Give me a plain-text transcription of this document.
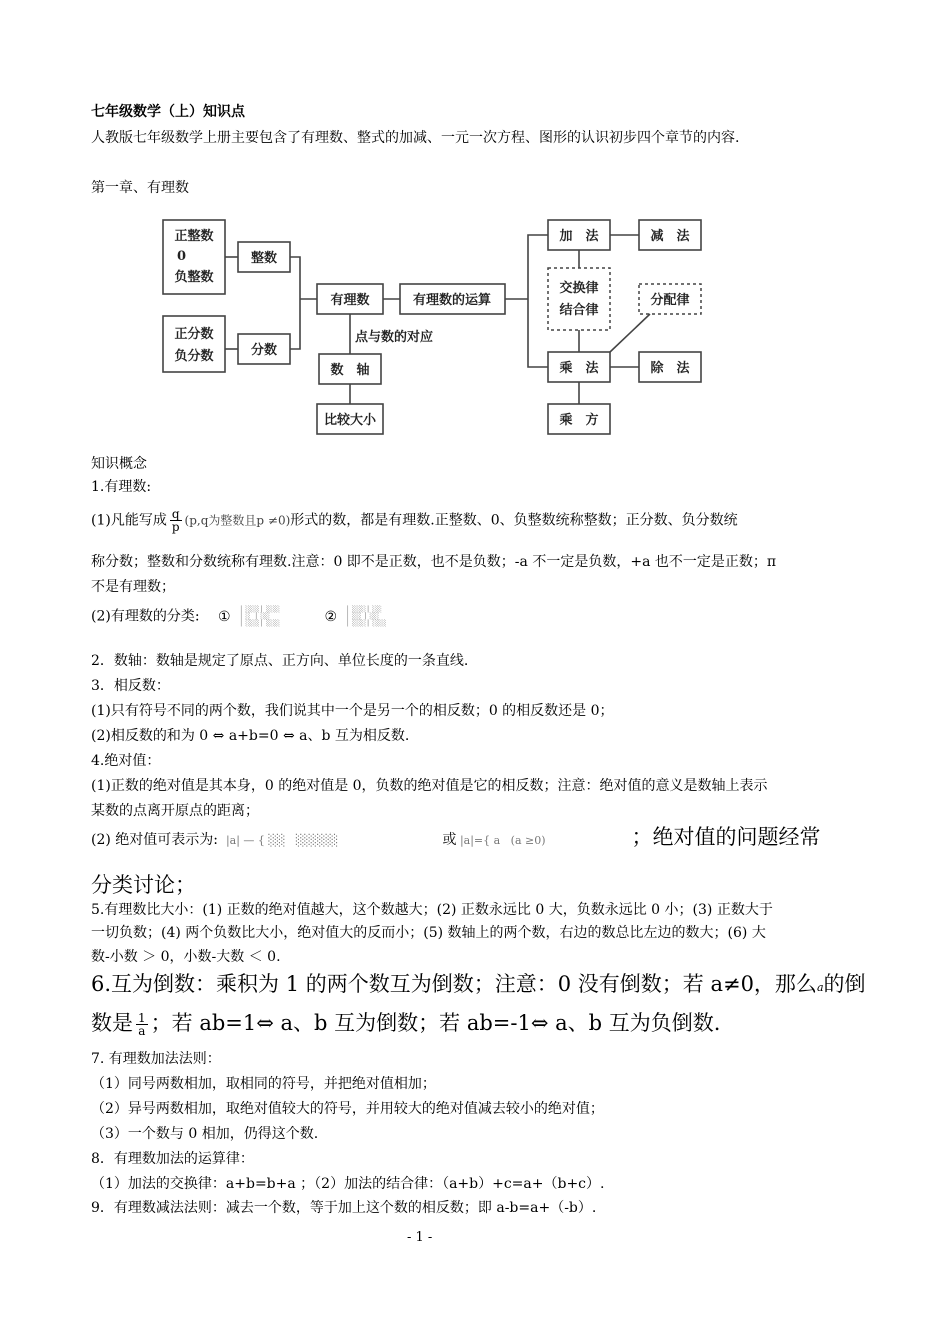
七年级数学（上）知识点
人教版七年级数学上册主要包含了有理数、整式的加减、一元一次方程、图形的认识初步四个章节的内容.
第一章、有理数
正整数
0
负整数
整数
正分数
负分数	分数
有理数	有理数的运算
点与数的对应
数　轴
比较大小
加　法	减　法
交换律
结合律
分配律
乘　法	除　法
乘　方
知识概念
1.有理数:
(1)凡能写成 $\frac{q}{p} (p,q$为整数且p ≠0)形式的数，都是有理数.正整数、0、负整数统称整数；正分数、负分数统
称分数；整数和分数统称有理数.注意：0 即不是正数，也不是负数；-a 不一定是负数，+a 也不一定是正数；π
不是有理数；
(2)有理数的分类: ① ▏░░░ ▏░░░
▏░   ▏░░
▏░░░ ▏░░░	② ▏░░░ ▏░░
▏░░  ▏░░
▏░░░ ▏░░░
2．数轴：数轴是规定了原点、正方向、单位长度的一条直线.
3．相反数：
(1)只有符号不同的两个数，我们说其中一个是另一个的相反数；0 的相反数还是 0；
(2)相反数的和为 0 ⇔ a+b=0 ⇔ a、b 互为相反数.
4.绝对值：
(1)正数的绝对值是其本身，0 的绝对值是 0，负数的绝对值是它的相反数；注意：绝对值的意义是数轴上表示
某数的点离开原点的距离；
(2) 绝对值可表示为:  |a| — { ░░   ░░░░░	或 |a|={ a   (a ≥0)	；绝对值的问题经常
分类讨论；
5.有理数比大小：(1) 正数的绝对值越大，这个数越大；(2) 正数永远比 0 大，负数永远比 0 小；(3) 正数大于
一切负数；(4) 两个负数比大小，绝对值大的反而小；(5) 数轴上的两个数，右边的数总比左边的数大；(6) 大
数-小数 ＞ 0，小数-大数 ＜ 0.
6.互为倒数：乘积为 1 的两个数互为倒数；注意：0 没有倒数；若 a≠0，那么a的倒
数是 $\frac{1}{a}$ ；若 ab=1⇔ a、b 互为倒数；若 ab=-1⇔ a、b 互为负倒数.
7. 有理数加法法则：
（1）同号两数相加，取相同的符号，并把绝对值相加；
（2）异号两数相加，取绝对值较大的符号，并用较大的绝对值减去较小的绝对值；
（3）一个数与 0 相加，仍得这个数.
8．有理数加法的运算律：
（1）加法的交换律：a+b=b+a ；（2）加法的结合律：（a+b）+c=a+（b+c）.
9．有理数减法法则：减去一个数，等于加上这个数的相反数；即 a-b=a+（-b）.
- 1 -
